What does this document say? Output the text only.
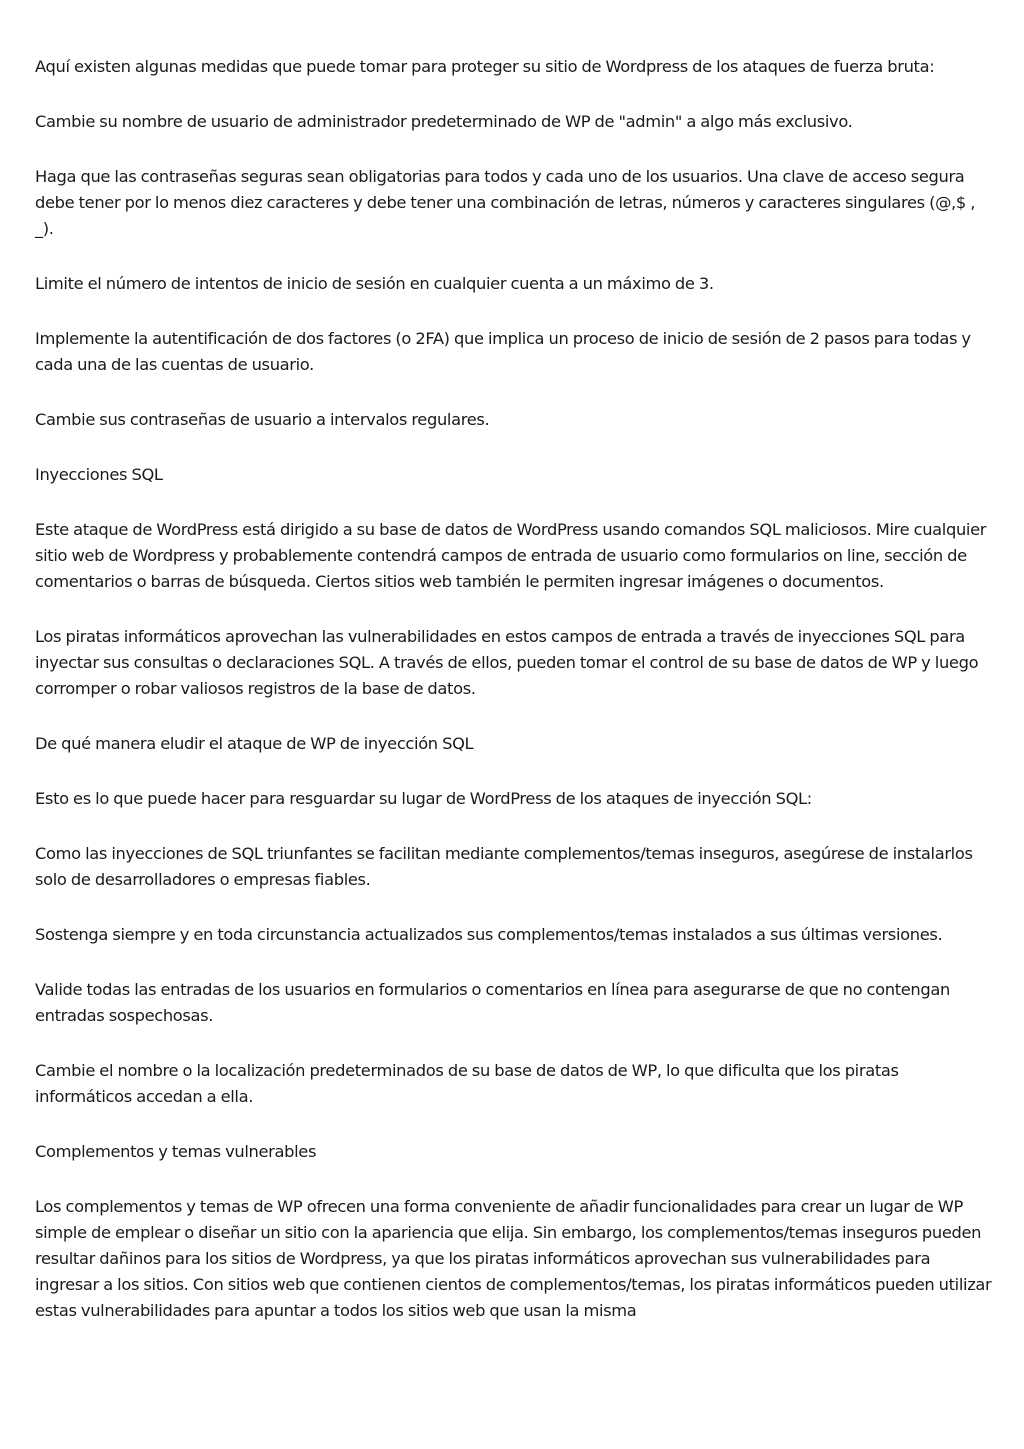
Aquí existen algunas medidas que puede tomar para proteger su sitio de Wordpress de los ataques de fuerza bruta:

Cambie su nombre de usuario de administrador predeterminado de WP de "admin" a algo más exclusivo.

Haga que las contraseñas seguras sean obligatorias para todos y cada uno de los usuarios. Una clave de acceso segura debe tener por lo menos diez caracteres y debe tener una combinación de letras, números y caracteres singulares (@,$ , _).

Limite el número de intentos de inicio de sesión en cualquier cuenta a un máximo de 3.

Implemente la autentificación de dos factores (o 2FA) que implica un proceso de inicio de sesión de 2 pasos para todas y cada una de las cuentas de usuario.

Cambie sus contraseñas de usuario a intervalos regulares.

Inyecciones SQL

Este ataque de WordPress está dirigido a su base de datos de WordPress usando comandos SQL maliciosos. Mire cualquier sitio web de Wordpress y probablemente contendrá campos de entrada de usuario como formularios on line, sección de comentarios o barras de búsqueda. Ciertos sitios web también le permiten ingresar imágenes o documentos.

Los piratas informáticos aprovechan las vulnerabilidades en estos campos de entrada a través de inyecciones SQL para inyectar sus consultas o declaraciones SQL. A través de ellos, pueden tomar el control de su base de datos de WP y luego corromper o robar valiosos registros de la base de datos.

De qué manera eludir el ataque de WP de inyección SQL

Esto es lo que puede hacer para resguardar su lugar de WordPress de los ataques de inyección SQL:

Como las inyecciones de SQL triunfantes se facilitan mediante complementos/temas inseguros, asegúrese de instalarlos solo de desarrolladores o empresas fiables.

Sostenga siempre y en toda circunstancia actualizados sus complementos/temas instalados a sus últimas versiones.

Valide todas las entradas de los usuarios en formularios o comentarios en línea para asegurarse de que no contengan entradas sospechosas.

Cambie el nombre o la localización predeterminados de su base de datos de WP, lo que dificulta que los piratas informáticos accedan a ella.

Complementos y temas vulnerables

Los complementos y temas de WP ofrecen una forma conveniente de añadir funcionalidades para crear un lugar de WP simple de emplear o diseñar un sitio con la apariencia que elija. Sin embargo, los complementos/temas inseguros pueden resultar dañinos para los sitios de Wordpress, ya que los piratas informáticos aprovechan sus vulnerabilidades para ingresar a los sitios. Con sitios web que contienen cientos de complementos/temas, los piratas informáticos pueden utilizar estas vulnerabilidades para apuntar a todos los sitios web que usan la misma
